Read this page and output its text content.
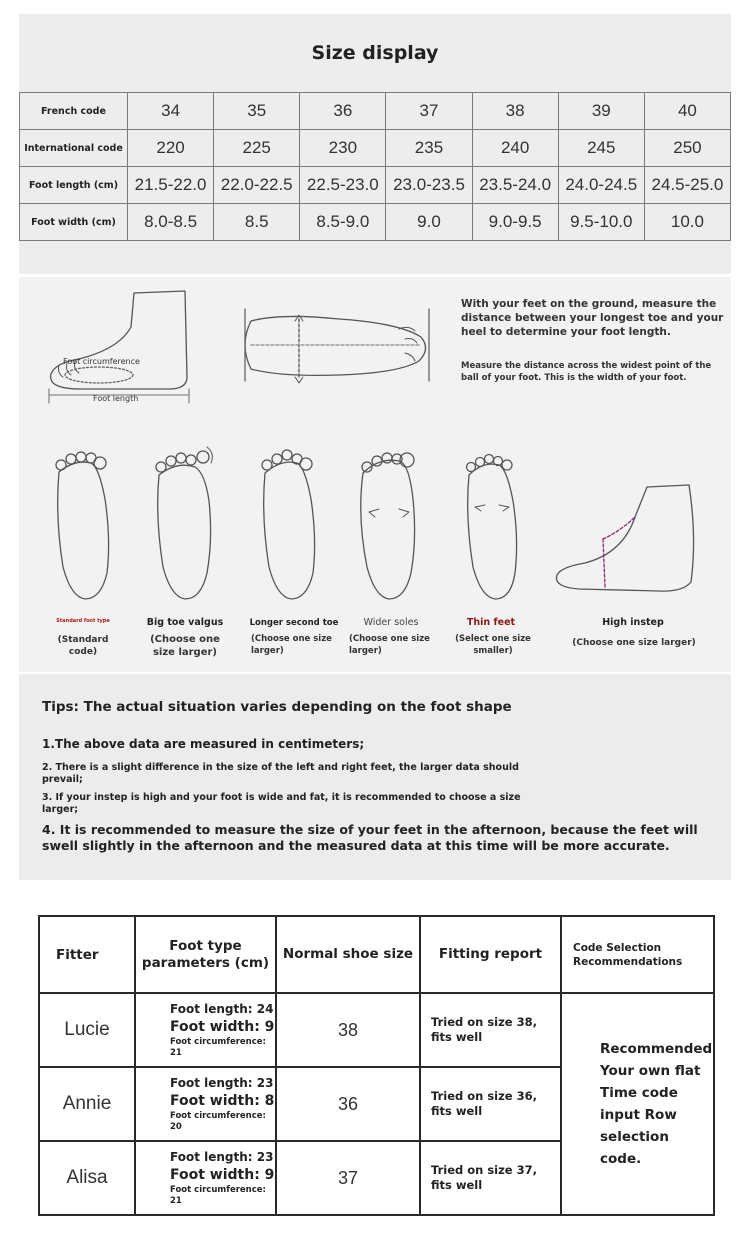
Size display
French code	34	35	36	37	38	39	40
International code	220	225	230	235	240	245	250
Foot length (cm)	21.5-22.0	22.0-22.5	22.5-23.0	23.0-23.5	23.5-24.0	24.0-24.5	24.5-25.0
Foot width (cm)	8.0-8.5	8.5	8.5-9.0	9.0	9.0-9.5	9.5-10.0	10.0
Foot circumference
Foot length
With your feet on the ground, measure the distance between your longest toe and your heel to determine your foot length.
Measure the distance across the widest point of the ball of your foot. This is the width of your foot.
Standard foot type
(Standard code)
Big toe valgus
(Choose one size larger)
Longer second toe
(Choose one size larger)
Wider soles
(Choose one size larger)
Thin feet
(Select one size smaller)
High instep
(Choose one size larger)
Tips: The actual situation varies depending on the foot shape
1.The above data are measured in centimeters;
2. There is a slight difference in the size of the left and right feet, the larger data should prevail;
3. If your instep is high and your foot is wide and fat, it is recommended to choose a size larger;
4. It is recommended to measure the size of your feet in the afternoon, because the feet will swell slightly in the afternoon and the measured data at this time will be more accurate.
Fitter	Foot type parameters (cm)	Normal shoe size	Fitting report	Code Selection Recommendations
Lucie	Foot length: 24
Foot width: 9
Foot circumference: 21	38	Tried on size 38, fits well	Recommended Your own flat Time code input Row selection code.
Annie	Foot length: 23
Foot width: 8
Foot circumference: 20	36	Tried on size 36, fits well	
Alisa	Foot length: 23
Foot width: 9
Foot circumference: 21	37	Tried on size 37, fits well	
